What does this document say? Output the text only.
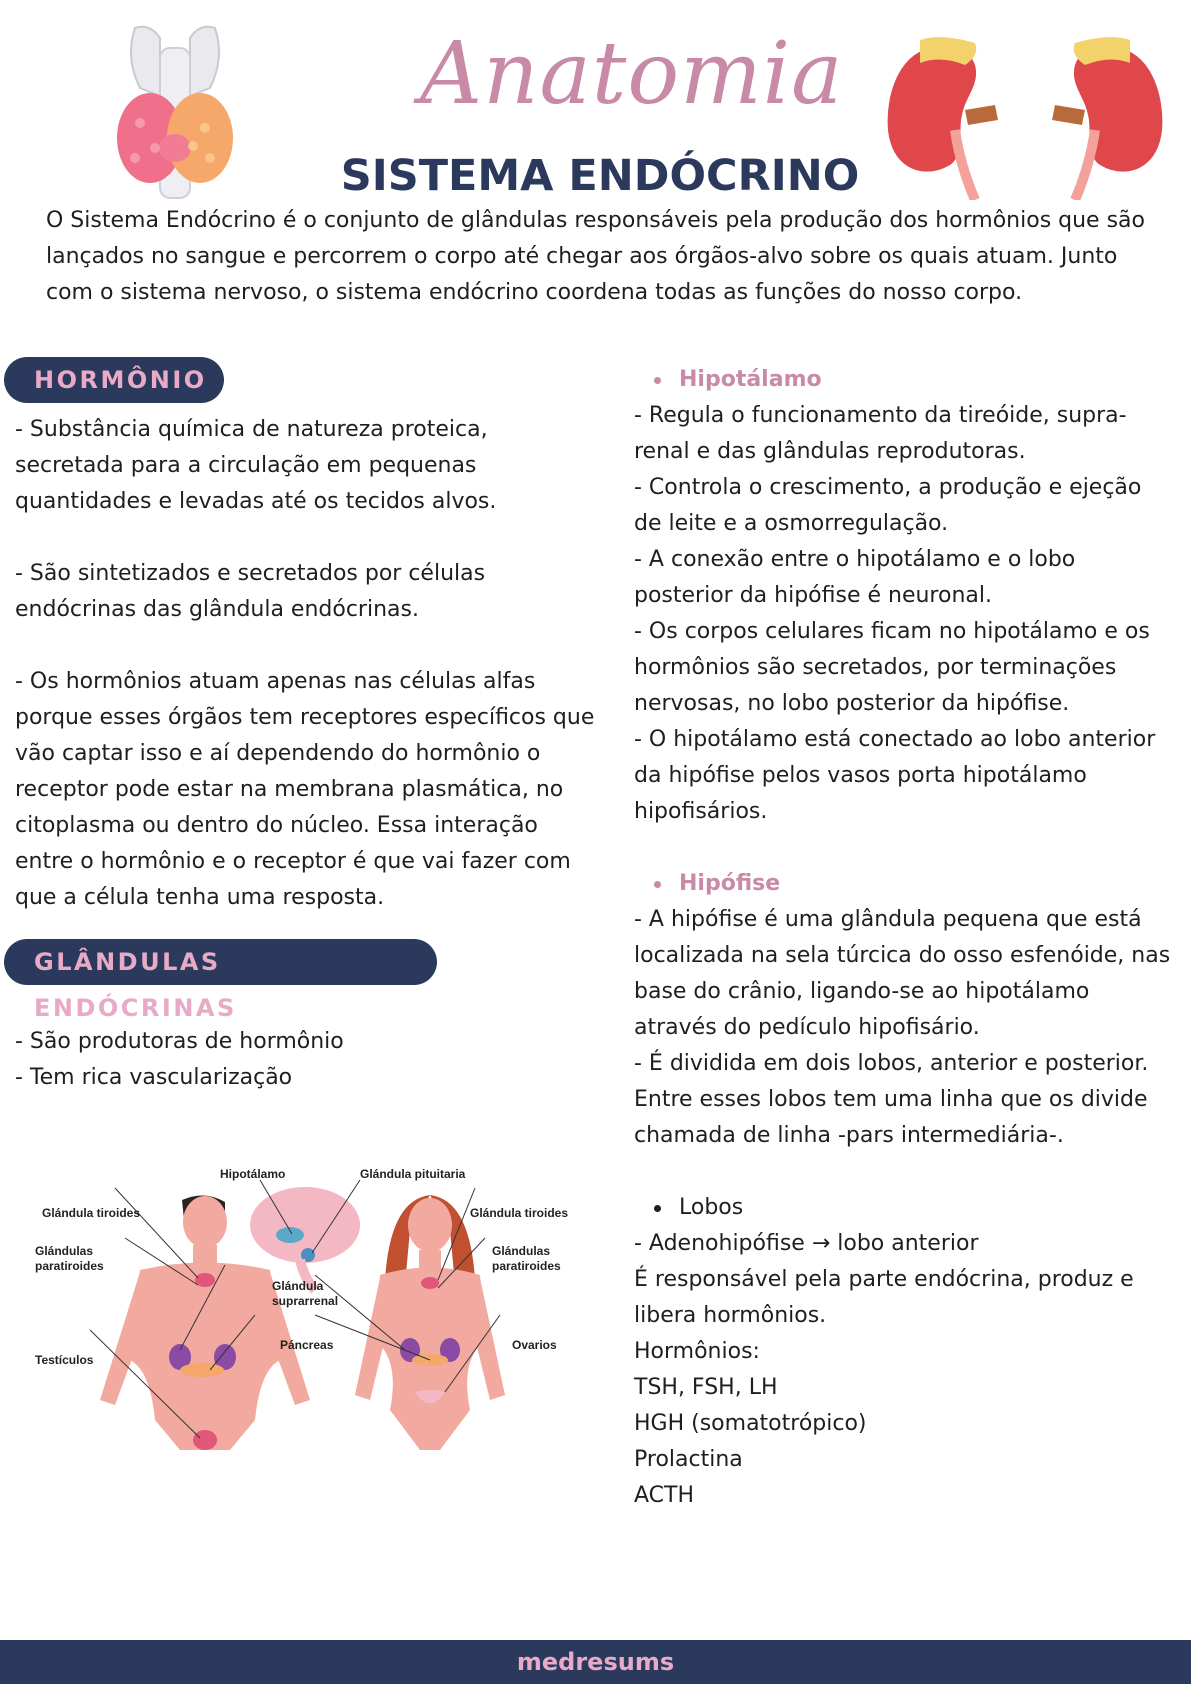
Anatomia
SISTEMA ENDÓCRINO
O Sistema Endócrino é o conjunto de glândulas responsáveis pela produção dos hormônios que são lançados no sangue e percorrem o corpo até chegar aos órgãos-alvo sobre os quais atuam. Junto com o sistema nervoso, o sistema endócrino coordena todas as funções do nosso corpo.
HORMÔNIO

- Substância química de natureza proteica, secretada para a circulação em pequenas quantidades e levadas até os tecidos alvos.

- São sintetizados e secretados por células endócrinas das glândula endócrinas.

- Os hormônios atuam apenas nas células alfas porque esses órgãos tem receptores específicos que vão captar isso e aí dependendo do hormônio o receptor pode estar na membrana plasmática, no citoplasma ou dentro do núcleo. Essa interação entre o hormônio e o receptor é que vai fazer com que a célula tenha uma resposta.

GLÂNDULAS ENDÓCRINAS

- São produtoras de hormônio

- Tem rica vascularização

Hipotálamo	Glándula pituitaria
Glándula tiroides	Glándula tiroides
Glándulas
paratiroides
Glándulas
paratiroides
Glándula
suprarrenal
Páncreas
Testículos
Ovarios
Hipotálamo

- Regula o funcionamento da tireóide, supra-renal e das glândulas reprodutoras.

- Controla o crescimento, a produção e ejeção de leite e a osmorregulação.

- A conexão entre o hipotálamo e o lobo posterior da hipófise é neuronal.

- Os corpos celulares ficam no hipotálamo e os hormônios são secretados, por terminações nervosas, no lobo posterior da hipófise.

- O hipotálamo está conectado ao lobo anterior da hipófise pelos vasos porta hipotálamo hipofisários.

Hipófise

- A hipófise é uma glândula pequena que está localizada na sela túrcica do osso esfenóide, nas base do crânio, ligando-se ao hipotálamo através do pedículo hipofisário.

- É dividida em dois lobos, anterior e posterior. Entre esses lobos tem uma linha que os divide chamada de linha -pars intermediária-.

Lobos

- Adenohipófise → lobo anterior

É responsável pela parte endócrina, produz e libera hormônios.

Hormônios:

TSH, FSH, LH

HGH (somatotrópico)

Prolactina

ACTH

medresums
